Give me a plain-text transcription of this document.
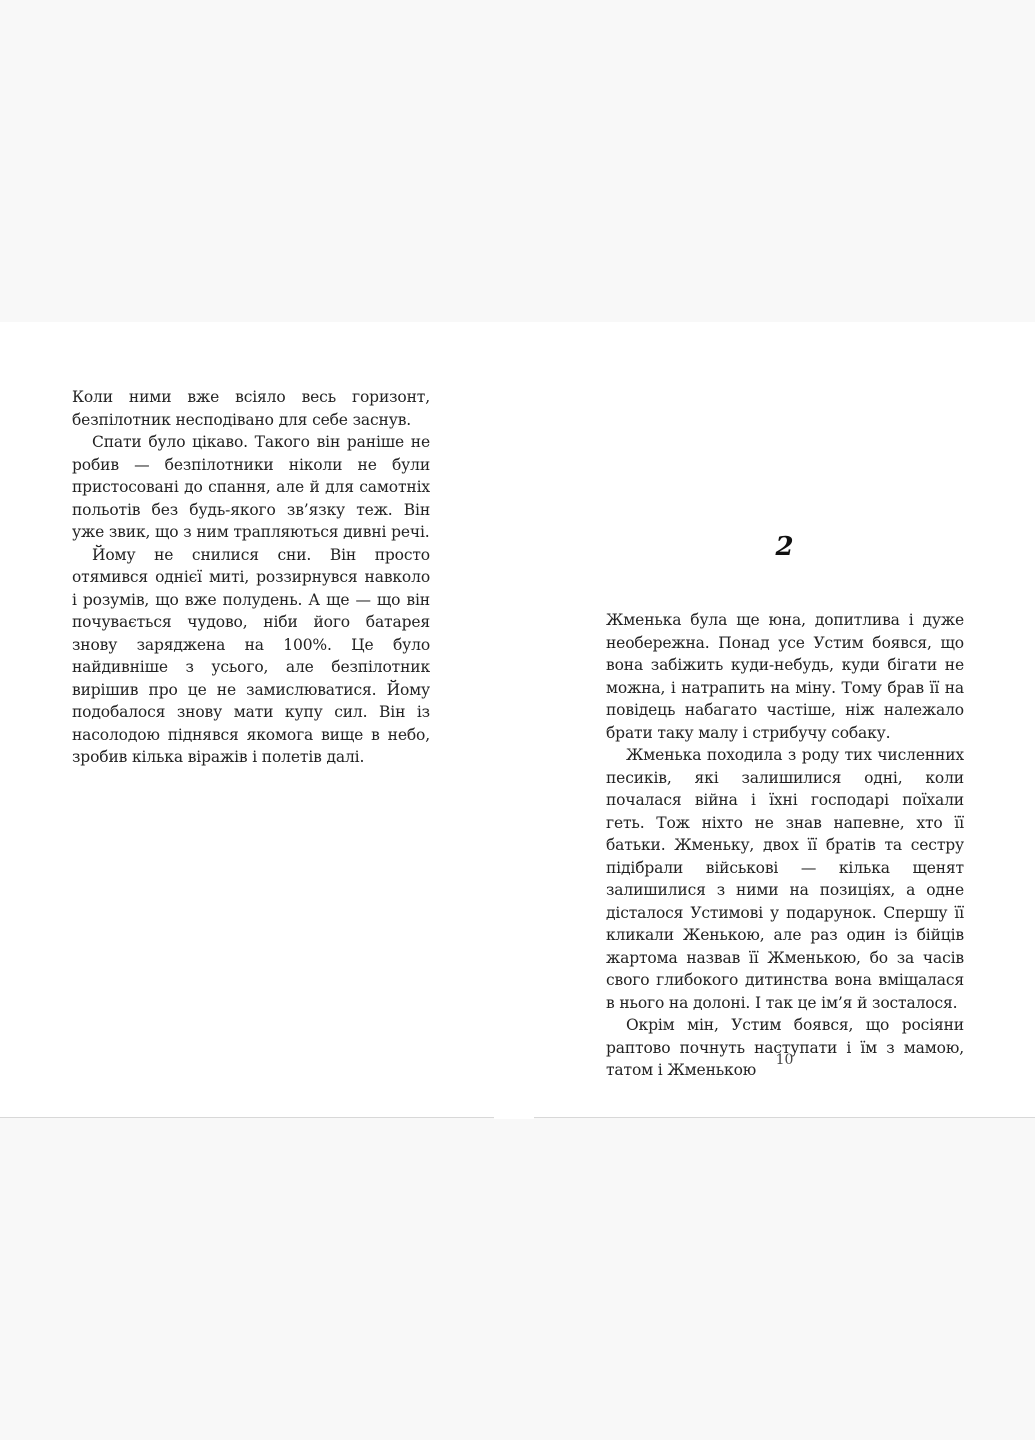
Коли ними вже всіяло весь горизонт, безпілотник несподівано для себе заснув.

Спати було цікаво. Такого він раніше не робив — безпілотники ніколи не були пристосовані до спання, але й для самотніх польотів без будь-якого зв’язку теж. Він уже звик, що з ним трапляються дивні речі.

Йому не снилися сни. Він просто отямився однієї миті, роззирнувся навколо і розумів, що вже полудень. А ще — що він почувається чудово, ніби його батарея знову заряджена на 100%. Це було найдивніше з усього, але безпілотник вирішив про це не замислюватися. Йому подобалося знову мати купу сил. Він із насолодою піднявся якомога вище в небо, зробив кілька віражів і полетів далі.

2

Жменька була ще юна, допитлива і дуже необережна. Понад усе Устим боявся, що вона забіжить куди-небудь, куди бігати не можна, і натрапить на міну. Тому брав її на повідець набагато частіше, ніж належало брати таку малу і стрибучу собаку.

Жменька походила з роду тих численних песиків, які залишилися одні, коли почалася війна і їхні господарі поїхали геть. Тож ніхто не знав напевне, хто її батьки. Жменьку, двох її братів та сестру підібрали військові — кілька щенят залишилися з ними на позиціях, а одне дісталося Устимові у подарунок. Спершу її кликали Женькою, але раз один із бійців жартома назвав її Жменькою, бо за часів свого глибокого дитинства вона вміщалася в нього на долоні. І так це ім’я й зосталося.

Окрім мін, Устим боявся, що росіяни раптово почнуть наступати і їм з мамою, татом і Жменькою

10
